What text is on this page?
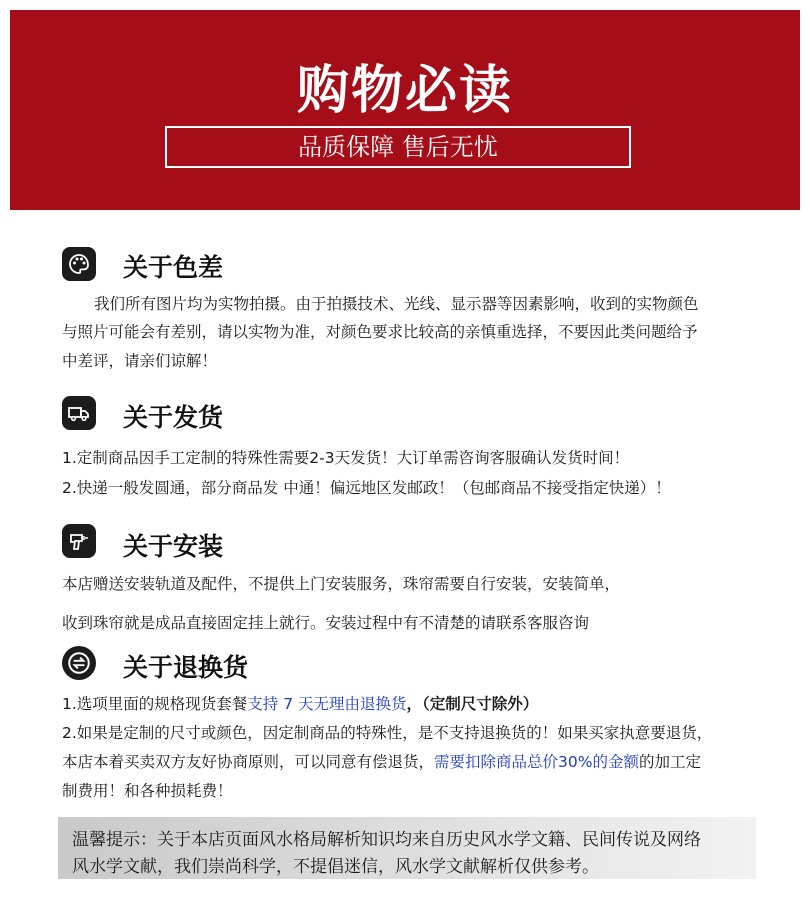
购物必读
品质保障 售后无忧
关于色差
我们所有图片均为实物拍摄。由于拍摄技术、光线、显示器等因素影响，收到的实物颜色
与照片可能会有差别，请以实物为准，对颜色要求比较高的亲慎重选择，不要因此类问题给予
中差评，请亲们谅解！
关于发货
1.定制商品因手工定制的特殊性需要2-3天发货！大订单需咨询客服确认发货时间！
2.快递一般发圆通，部分商品发 中通！偏远地区发邮政！（包邮商品不接受指定快递）！
关于安装
本店赠送安装轨道及配件，不提供上门安装服务，珠帘需要自行安装，安装简单，
收到珠帘就是成品直接固定挂上就行。安装过程中有不清楚的请联系客服咨询
关于退换货
1.选项里面的规格现货套餐支持 7 天无理由退换货，（定制尺寸除外）
2.如果是定制的尺寸或颜色，因定制商品的特殊性，是不支持退换货的！如果买家执意要退货，
本店本着买卖双方友好协商原则，可以同意有偿退货，需要扣除商品总价30%的金额的加工定
制费用！和各种损耗费！
温馨提示：关于本店页面风水格局解析知识均来自历史风水学文籍、民间传说及网络
风水学文献，我们崇尚科学，不提倡迷信，风水学文献解析仅供参考。
